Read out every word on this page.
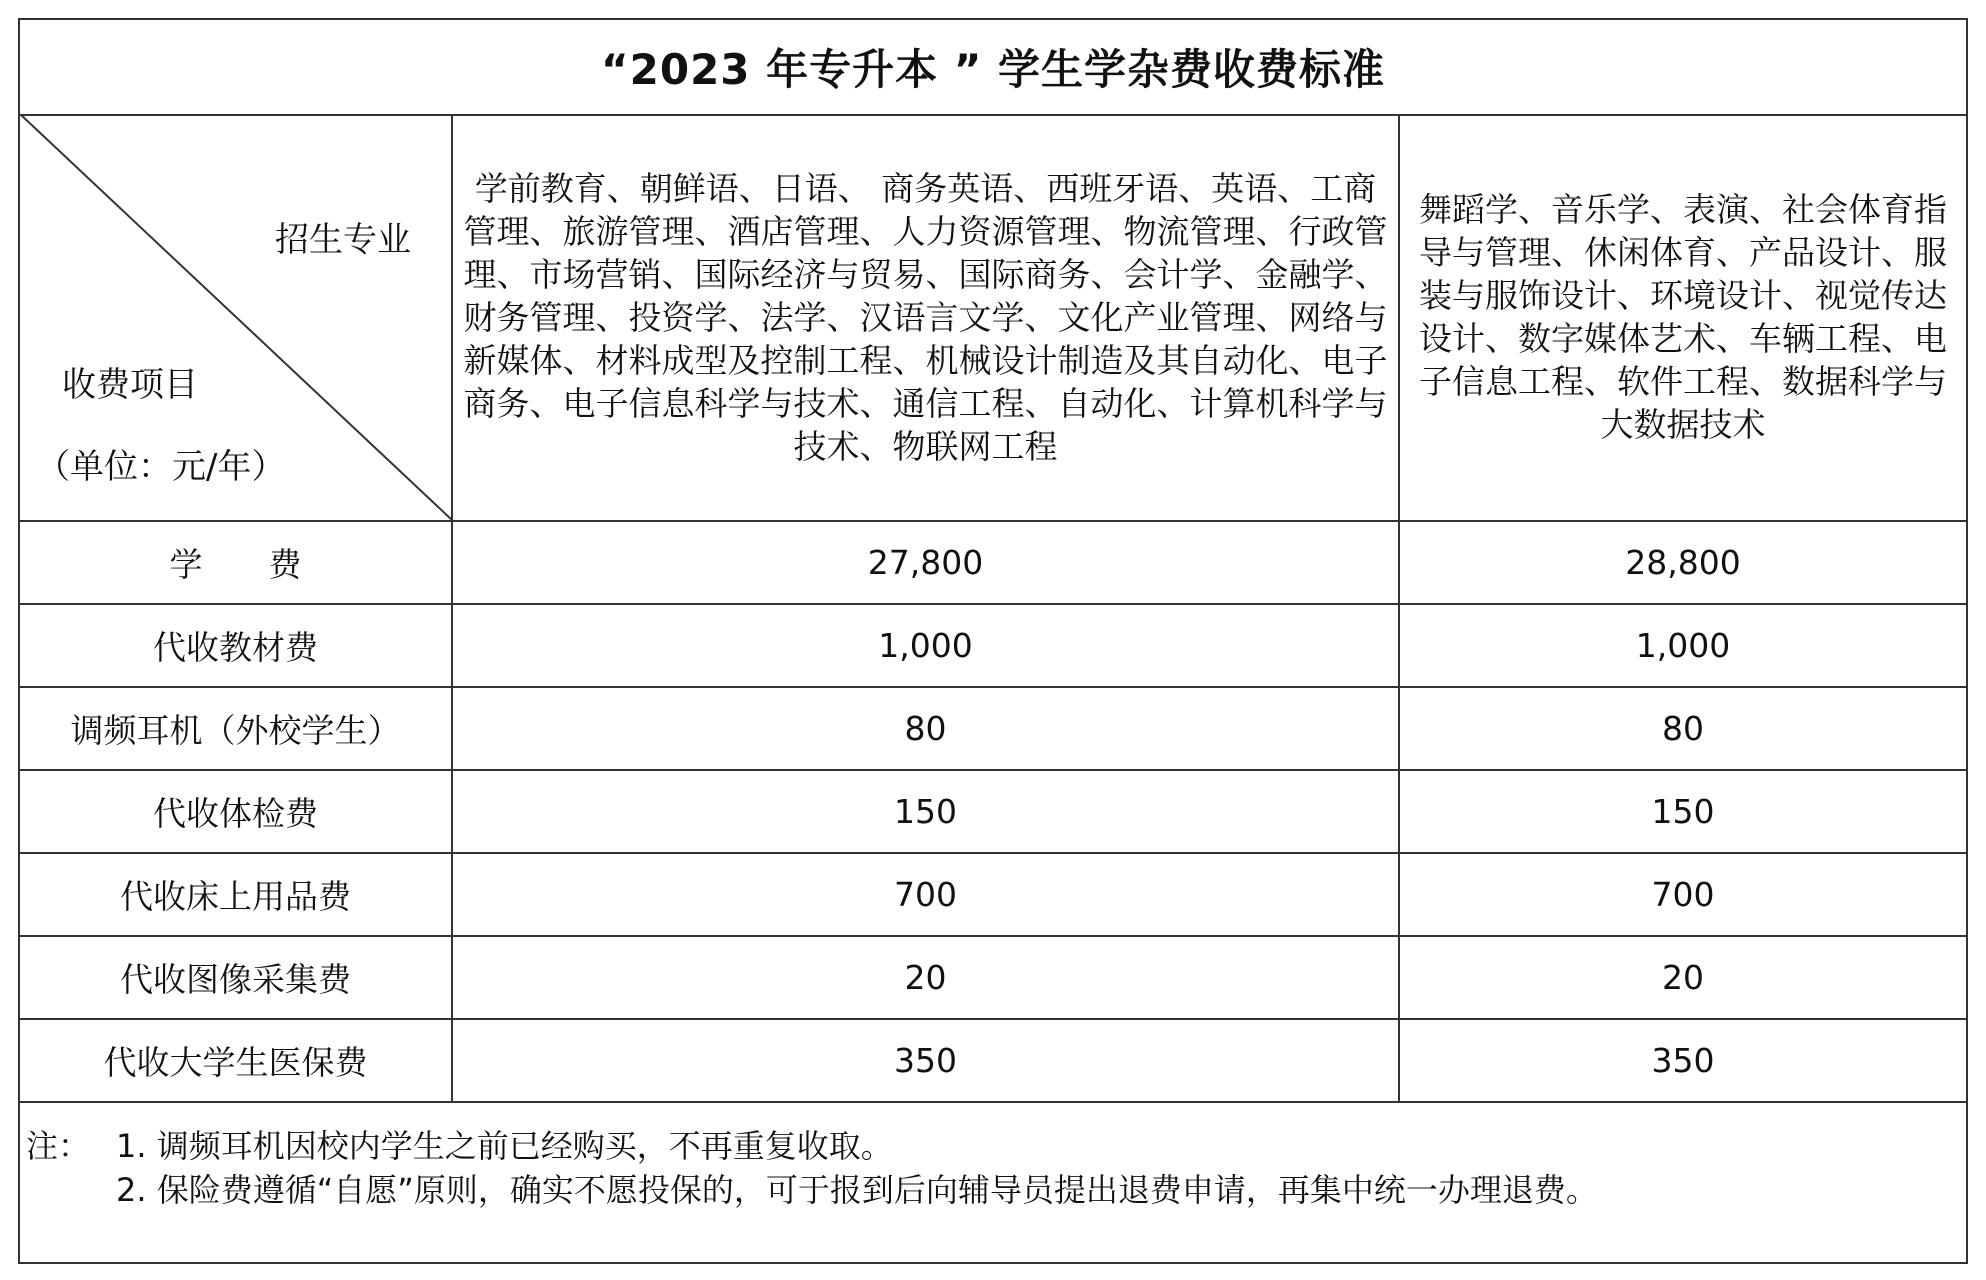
“2023 年专升本 ” 学生学杂费收费标准
招生专业
收费项目
（单位：元/年）	学前教育、朝鲜语、日语、 商务英语、西班牙语、英语、工商管理、旅游管理、酒店管理、人力资源管理、物流管理、行政管理、市场营销、国际经济与贸易、国际商务、会计学、金融学、财务管理、投资学、法学、汉语言文学、文化产业管理、网络与新媒体、材料成型及控制工程、机械设计制造及其自动化、电子商务、电子信息科学与技术、通信工程、自动化、计算机科学与技术、物联网工程	舞蹈学、音乐学、表演、社会体育指导与管理、休闲体育、产品设计、服装与服饰设计、环境设计、视觉传达设计、数字媒体艺术、车辆工程、电子信息工程、软件工程、数据科学与大数据技术
学　　费	27,800	28,800
代收教材费	1,000	1,000
调频耳机（外校学生）	80	80
代收体检费	150	150
代收床上用品费	700	700
代收图像采集费	20	20
代收大学生医保费	350	350
注： 1. 调频耳机因校内学生之前已经购买，不再重复收取。
2. 保险费遵循“自愿”原则，确实不愿投保的，可于报到后向辅导员提出退费申请，再集中统一办理退费。
